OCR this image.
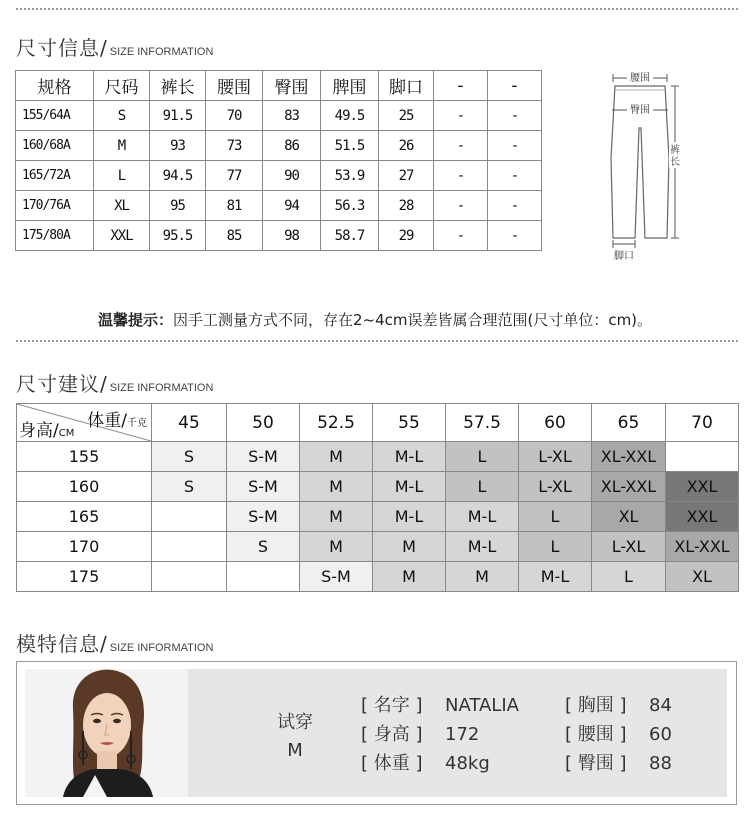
尺寸信息/ SIZE INFORMATION
规格	尺码	裤长	腰围	臀围	脾围	脚口	-	-
155/64A	S	91.5	70	83	49.5	25	-	-
160/68A	M	93	73	86	51.5	26	-	-
165/72A	L	94.5	77	90	53.9	27	-	-
170/76A	XL	95	81	94	56.3	28	-	-
175/80A	XXL	95.5	85	98	58.7	29	-	-
腰围
臀围
裤
长
脚口
温馨提示：因手工测量方式不同，存在2~4cm误差皆属合理范围(尺寸单位：cm)。
尺寸建议/ SIZE INFORMATION
体重/千克
身高/CM	45	50	52.5	55	57.5	60	65	70
155	S	S-M	M	M-L	L	L-XL	XL-XXL	
160	S	S-M	M	M-L	L	L-XL	XL-XXL	XXL
165		S-M	M	M-L	M-L	L	XL	XXL
170		S	M	M	M-L	L	L-XL	XL-XXL
175			S-M	M	M	M-L	L	XL
模特信息/ SIZE INFORMATION
试穿
M
[ 名字 ] NATALIA
[ 身高 ] 172
[ 体重 ] 48kg
[ 胸围 ] 84
[ 腰围 ] 60
[ 臀围 ] 88
